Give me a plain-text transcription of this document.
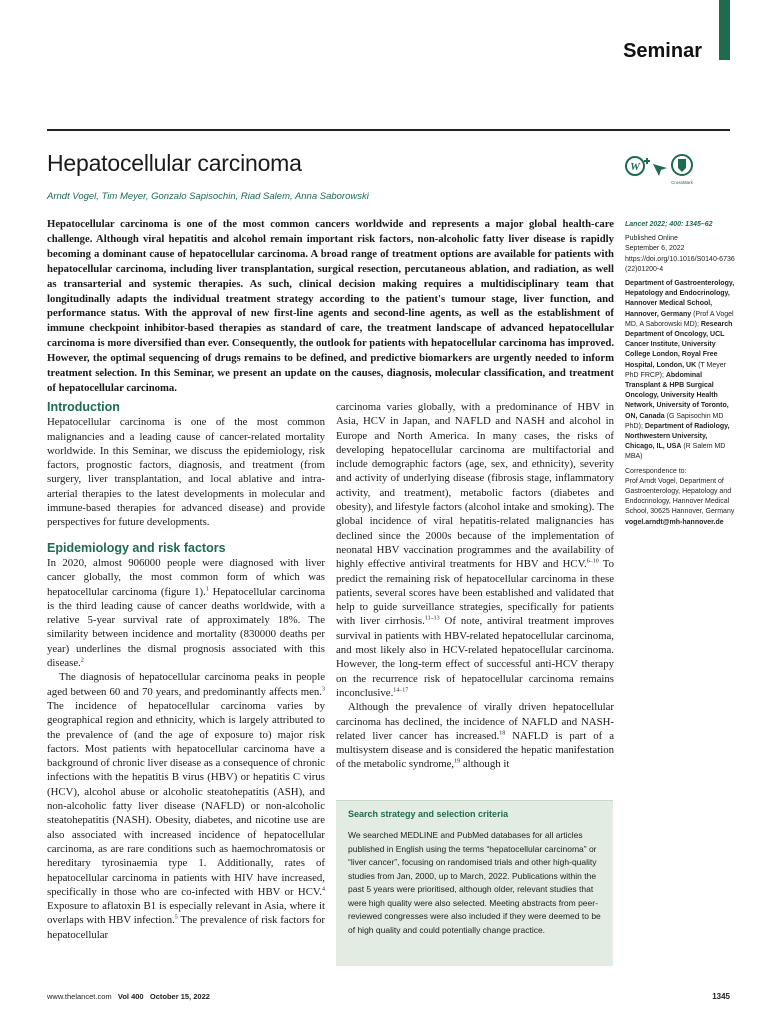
Seminar
Hepatocellular carcinoma
Arndt Vogel, Tim Meyer, Gonzalo Sapisochin, Riad Salem, Anna Saborowski
W
CrossMark

Hepatocellular carcinoma is one of the most common cancers worldwide and represents a major global health-care challenge. Although viral hepatitis and alcohol remain important risk factors, non-alcoholic fatty liver disease is rapidly becoming a dominant cause of hepatocellular carcinoma. A broad range of treatment options are available for patients with hepatocellular carcinoma, including liver transplantation, surgical resection, percutaneous ablation, and radiation, as well as transarterial and systemic therapies. As such, clinical decision making requires a multidisciplinary team that longitudinally adapts the individual treatment strategy according to the patient's tumour stage, liver function, and performance status. With the approval of new first-line agents and second-line agents, as well as the establishment of immune checkpoint inhibitor-based therapies as standard of care, the treatment landscape of advanced hepatocellular carcinoma is more diversified than ever. Consequently, the outlook for patients with hepatocellular carcinoma has improved. However, the optimal sequencing of drugs remains to be defined, and predictive biomarkers are urgently needed to inform treatment selection. In this Seminar, we present an update on the causes, diagnosis, molecular classification, and treatment of hepatocellular carcinoma.

Lancet 2022; 400: 1345–62

Published Online

September 6, 2022

https://doi.org/10.1016/S0140-6736(22)01200-4

Department of Gastroenterology, Hepatology and Endocrinology, Hannover Medical School, Hannover, Germany (Prof A Vogel MD, A Saborowski MD); Research Department of Oncology, UCL Cancer Institute, University College London, Royal Free Hospital, London, UK (T Meyer PhD FRCP); Abdominal Transplant & HPB Surgical Oncology, University Health Network, University of Toronto, ON, Canada (G Sapisochin MD PhD); Department of Radiology, Northwestern University, Chicago, IL, USA (R Salem MD MBA)

Correspondence to:

Prof Arndt Vogel, Department of Gastroenterology, Hepatology and Endocrinology, Hannover Medical School, 30625 Hannover, Germany

vogel.arndt@mh-hannover.de

Introduction

Hepatocellular carcinoma is one of the most common malignancies and a leading cause of cancer-related mortality worldwide. In this Seminar, we discuss the epidemiology, risk factors, prognostic factors, diagnosis, and treatment (from surgery, liver transplantation, and local ablative and intra-arterial therapies to the latest developments in molecular and immune-based therapies for advanced disease) and provide perspectives for future developments.

Epidemiology and risk factors

In 2020, almost 906000 people were diagnosed with liver cancer globally, the most common form of which was hepatocellular carcinoma (figure 1).$^1$ Hepatocellular carcinoma is the third leading cause of cancer deaths worldwide, with a relative 5-year survival rate of approximately 18%. The similarity between incidence and mortality (830000 deaths per year) underlines the dismal prognosis associated with this disease.$^2$

The diagnosis of hepatocellular carcinoma peaks in people aged between 60 and 70 years, and predominantly affects men.$^3$ The incidence of hepatocellular carcinoma varies by geographical region and ethnicity, which is largely attributed to the prevalence of (and the age of exposure to) major risk factors. Most patients with hepatocellular carcinoma have a background of chronic liver disease as a consequence of chronic infections with the hepatitis B virus (HBV) or hepatitis C virus (HCV), alcohol abuse or alcoholic steatohepatitis (ASH), and non-alcoholic fatty liver disease (NAFLD) or non-alcoholic steatohepatitis (NASH). Obesity, diabetes, and nicotine use are also associated with increased incidence of hepatocellular carcinoma, as are rare conditions such as haemochromatosis or hereditary tyrosinaemia type 1. Additionally, rates of hepatocellular carcinoma in patients with HIV have increased, specifically in those who are co-infected with HBV or HCV.$^4$ Exposure to aflatoxin B1 is especially relevant in Asia, where it overlaps with HBV infection.$^5$ The prevalence of risk factors for hepatocellular

carcinoma varies globally, with a predominance of HBV in Asia, HCV in Japan, and NAFLD and NASH and alcohol in Europe and North America. In many cases, the risks of developing hepatocellular carcinoma are multifactorial and include demographic factors (age, sex, and ethnicity), severity and activity of underlying disease (fibrosis stage, inflammatory activity, and treatment), metabolic factors (diabetes and obesity), and lifestyle factors (alcohol intake and smoking). The global incidence of viral hepatitis-related malignancies has declined since the 2000s because of the implementation of neonatal HBV vaccination programmes and the availability of highly effective antiviral treatments for HBV and HCV.$^{6-10}$ To predict the remaining risk of hepatocellular carcinoma in these patients, several scores have been established and validated that help to guide surveillance strategies, specifically for patients with liver cirrhosis.$^{11-13}$ Of note, antiviral treatment improves survival in patients with HBV-related hepatocellular carcinoma, and most likely also in HCV-related hepatocellular carcinoma. However, the long-term effect of successful anti-HCV therapy on the recurrence risk of hepatocellular carcinoma remains inconclusive.$^{14-17}$

Although the prevalence of virally driven hepatocellular carcinoma has declined, the incidence of NAFLD and NASH-related liver cancer has increased.$^{18}$ NAFLD is part of a multisystem disease and is considered the hepatic manifestation of the metabolic syndrome,$^{19}$ although it

Search strategy and selection criteria

We searched MEDLINE and PubMed databases for all articles published in English using the terms “hepatocellular carcinoma” or “liver cancer”, focusing on randomised trials and other high-quality studies from Jan, 2000, up to March, 2022. Publications within the past 5 years were prioritised, although older, relevant studies that were high quality were also selected. Meeting abstracts from peer-reviewed congresses were also included if they were deemed to be of high quality and could potentially change practice.

www.thelancet.com Vol 400 October 15, 2022	1345
